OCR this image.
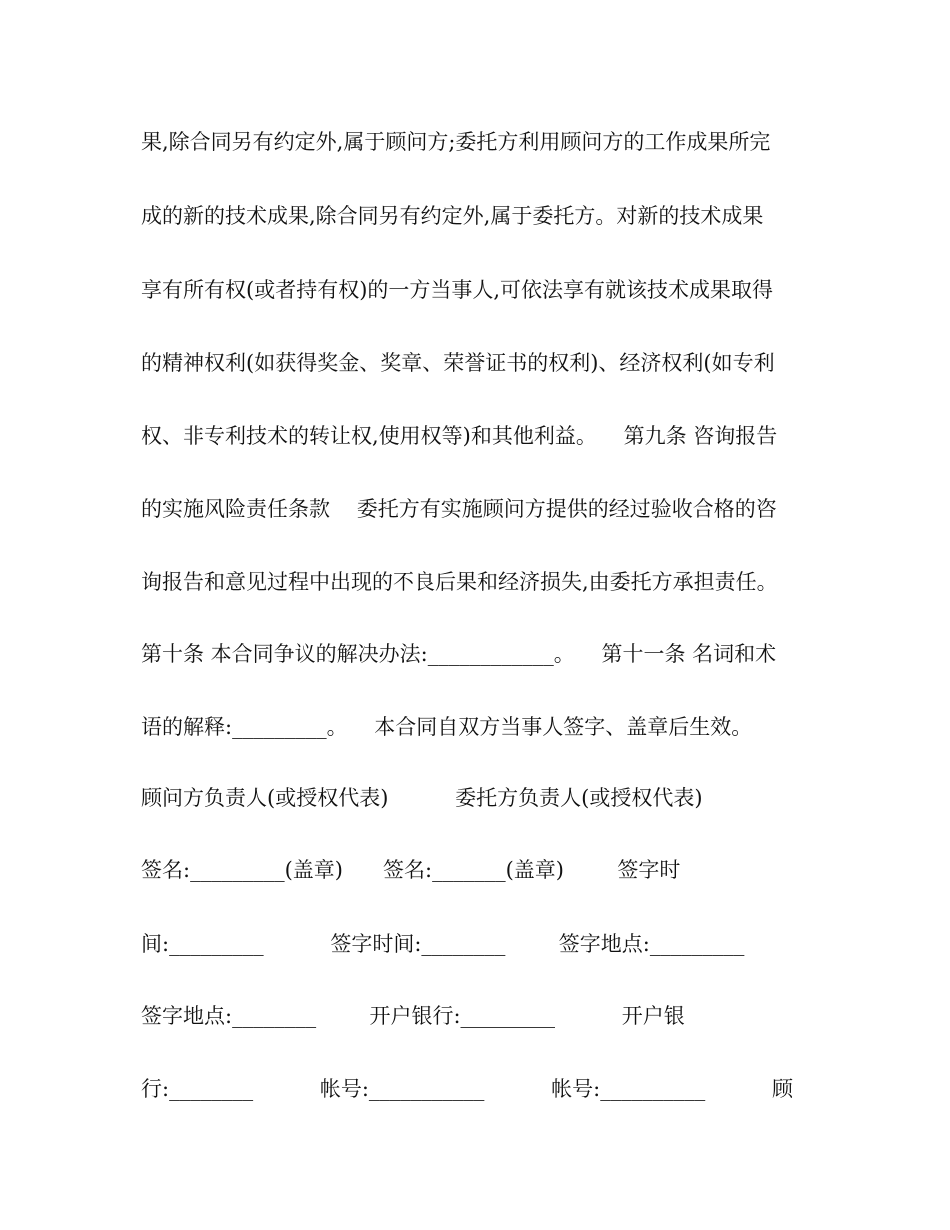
果,除合同另有约定外,属于顾问方;委托方利用顾问方的工作成果所完
成的新的技术成果,除合同另有约定外,属于委托方。对新的技术成果
享有所有权(或者持有权)的一方当事人,可依法享有就该技术成果取得
的精神权利(如获得奖金、奖章、荣誉证书的权利)、经济权利(如专利
权、非专利技术的转让权,使用权等)和其他利益。    第九条 咨询报告
的实施风险责任条款    委托方有实施顾问方提供的经过验收合格的咨
询报告和意见过程中出现的不良后果和经济损失,由委托方承担责任。
第十条 本合同争议的解决办法:____________。    第十一条 名词和术
语的解释:_________。    本合同自双方当事人签字、盖章后生效。
顾问方负责人(或授权代表)          委托方负责人(或授权代表)
签名:_________(盖章)      签名:_______(盖章)        签字时
间:_________          签字时间:________        签字地点:_________
签字地点:________        开户银行:_________          开户银
行:________          帐号:___________          帐号:__________          顾
